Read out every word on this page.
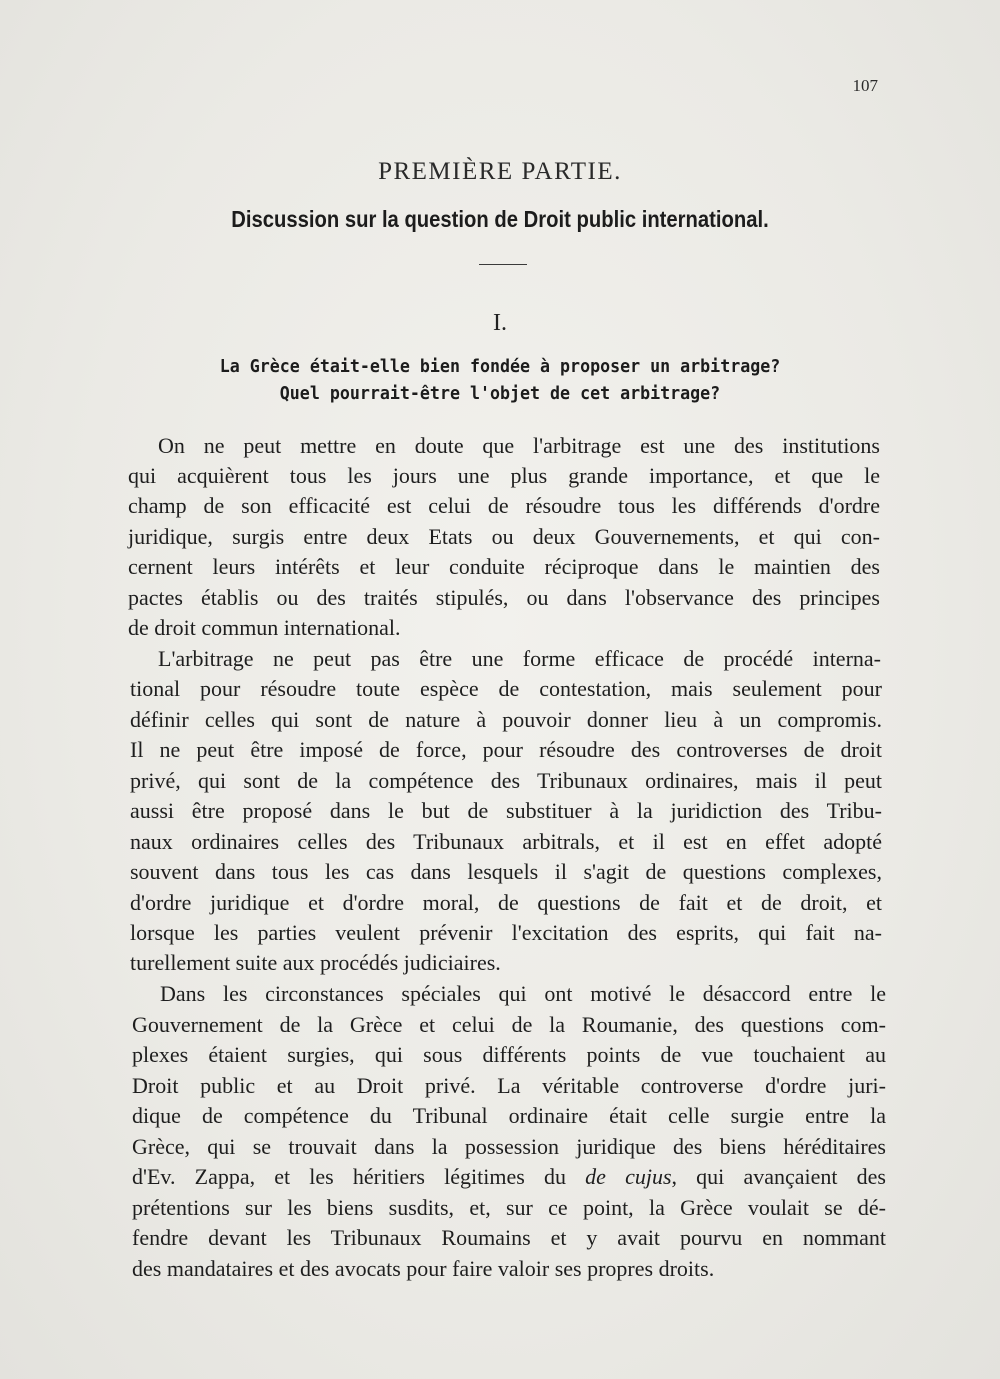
107
PREMIÈRE PARTIE.
Discussion sur la question de Droit public international.
I.
La Grèce était-elle bien fondée à proposer un arbitrage?
Quel pourrait-être l'objet de cet arbitrage?
On ne peut mettre en doute que l'arbitrage est une des institutions
qui acquièrent tous les jours une plus grande importance, et que le
champ de son efficacité est celui de résoudre tous les différends d'ordre
juridique, surgis entre deux Etats ou deux Gouvernements, et qui con-
cernent leurs intérêts et leur conduite réciproque dans le maintien des
pactes établis ou des traités stipulés, ou dans l'observance des principes
de droit commun international.
L'arbitrage ne peut pas être une forme efficace de procédé interna-
tional pour résoudre toute espèce de contestation, mais seulement pour
définir celles qui sont de nature à pouvoir donner lieu à un compromis.
Il ne peut être imposé de force, pour résoudre des controverses de droit
privé, qui sont de la compétence des Tribunaux ordinaires, mais il peut
aussi être proposé dans le but de substituer à la juridiction des Tribu-
naux ordinaires celles des Tribunaux arbitrals, et il est en effet adopté
souvent dans tous les cas dans lesquels il s'agit de questions complexes,
d'ordre juridique et d'ordre moral, de questions de fait et de droit, et
lorsque les parties veulent prévenir l'excitation des esprits, qui fait na-
turellement suite aux procédés judiciaires.
Dans les circonstances spéciales qui ont motivé le désaccord entre le
Gouvernement de la Grèce et celui de la Roumanie, des questions com-
plexes étaient surgies, qui sous différents points de vue touchaient au
Droit public et au Droit privé. La véritable controverse d'ordre juri-
dique de compétence du Tribunal ordinaire était celle surgie entre la
Grèce, qui se trouvait dans la possession juridique des biens héréditaires
d'Ev. Zappa, et les héritiers légitimes du de cujus, qui avançaient des
prétentions sur les biens susdits, et, sur ce point, la Grèce voulait se dé-
fendre devant les Tribunaux Roumains et y avait pourvu en nommant
des mandataires et des avocats pour faire valoir ses propres droits.
